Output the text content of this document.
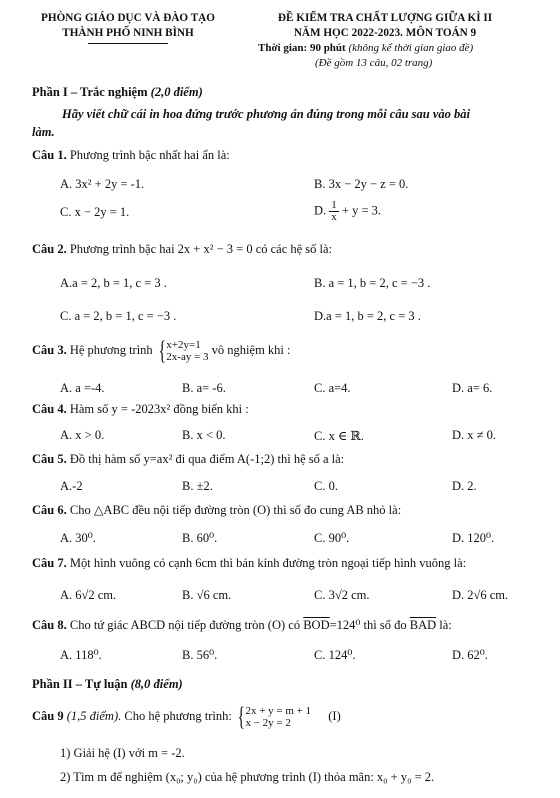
PHÒNG GIÁO DỤC VÀ ĐÀO TẠO
THÀNH PHỐ NINH BÌNH
ĐỀ KIỂM TRA CHẤT LƯỢNG GIỮA KÌ II
NĂM HỌC 2022-2023. MÔN TOÁN 9
Thời gian: 90 phút (không kể thời gian giao đề)
(Đề gồm 13 câu, 02 trang)
Phần I – Trắc nghiệm (2,0 điểm)
Hãy viết chữ cái in hoa đứng trước phương án đúng trong mỗi câu sau vào bài
làm.
Câu 1. Phương trình bậc nhất hai ẩn là:
A. 3x² + 2y = -1.	B. 3x − 2y − z = 0.
C. x − 2y = 1.	D. $\frac{1}{x} + y = 3$.
Câu 2. Phương trình bậc hai 2x + x² − 3 = 0 có các hệ số là:
A.a = 2, b = 1, c = 3 .	B. a = 1, b = 2, c = −3 .
C. a = 2, b = 1, c = −3 .	D.a = 1, b = 2, c = 3 .
Câu 3. Hệ phương trình { x+2y=1
2x-ay = 3
vô nghiệm khi :
A. a =-4.	B. a= -6.	C. a=4.	D. a= 6.
Câu 4. Hàm số y = -2023x² đồng biến khi :
A. x > 0.	B. x < 0.	C. x ∈ ℝ.	D. x ≠ 0.
Câu 5. Đồ thị hàm số y=ax² đi qua điểm A(-1;2) thì hệ số a là:
A.-2	B. ±2.	C. 0.	D. 2.
Câu 6. Cho △ABC đều nội tiếp đường tròn (O) thì số đo cung AB nhỏ là:
A. 30⁰.	B. 60⁰.	C. 90⁰.	D. 120⁰.
Câu 7. Một hình vuông có cạnh 6cm thì bán kính đường tròn ngoại tiếp hình vuông là:
A. 6√2 cm.	B. √6 cm.	C. 3√2 cm.	D. 2√6 cm.
Câu 8. Cho tứ giác ABCD nội tiếp đường tròn (O) có $\overline{BOD}=124^0$ thì số đo $\overline{BAD}$ là:
A. 118⁰.	B. 56⁰.	C. 124⁰.	D. 62⁰.
Phần II – Tự luận (8,0 điểm)
Câu 9 (1,5 điểm). Cho hệ phương trình: { 2x + y = m + 1
x − 2y = 2
(I)
1) Giải hệ (I) với m = -2.
2) Tìm m để nghiệm (x₀; y₀) của hệ phương trình (I) thỏa mãn: x₀ + y₀ = 2.
